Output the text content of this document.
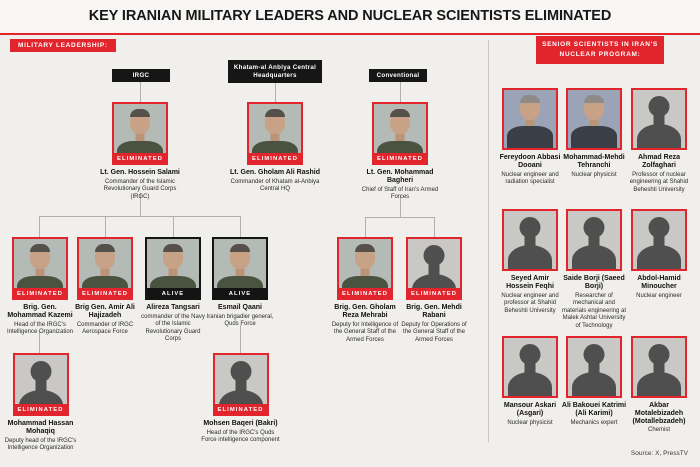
KEY IRANIAN MILITARY LEADERS AND NUCLEAR SCIENTISTS ELIMINATED
MILITARY LEADERSHIP:	SENIOR SCIENTISTS IN IRAN'S NUCLEAR PROGRAM:
IRGC
Khatam-al Anbiya Central Headquarters	Conventional
ELIMINATED
Lt. Gen. Hossein Salami
Commander of the Islamic Revolutionary Guard Corps (IRGC)
ELIMINATED
Lt. Gen. Gholam Ali Rashid
Commander of Khatam al-Anbiya Central HQ
ELIMINATED
Lt. Gen. Mohammad Bagheri
Chief of Staff of Iran's Armed Forces
ELIMINATED
Brig. Gen. Mohammad Kazemi
Head of the IRGC's Intelligence Organization
ELIMINATED
Brig Gen. Amir Ali Hajizadeh
Commander of IRGC Aerospace Force
ALIVE
Alireza Tangsari
commander of the Navy of the Islamic Revolutionary Guard Corps
ALIVE
Esmail Qaani
Iranian brigadier general, Quds Force
ELIMINATED
Brig. Gen. Gholam Reza Mehrabi
Deputy for Intelligence of the General Staff of the Armed Forces
ELIMINATED
Brig. Gen. Mehdi Rabani
Deputy for Operations of the General Staff of the Armed Forces
ELIMINATED
Mohammad Hassan Mohaqiq
Deputy head of the IRGC's Intelligence Organization
ELIMINATED
Mohsen Baqeri (Bakri)
Head of the IRGC's Quds Force intelligence component
Fereydoon Abbasi Dooani
Nuclear engineer and radiation specialist
Mohammad-Mehdi Tehranchi
Nuclear physicist
Ahmad Reza Zolfaghari
Professor of nuclear engineering at Shahid Beheshti University
Seyed Amir Hossein Feqhi
Nuclear engineer and professor at Shahid Beheshti University
Saide Borji (Saeed Borji)
Researcher of mechanical and materials engineering at Malek Ashtar University of Technology
Abdol-Hamid Minoucher
Nuclear engineer
Mansour Askari (Asgari)
Nuclear physicist
Ali Bakouei Katrimi (Ali Karimi)
Mechanics expert
Akbar Motalebizadeh (Motallebzadeh)
Chemist
Source: X, PressTV
